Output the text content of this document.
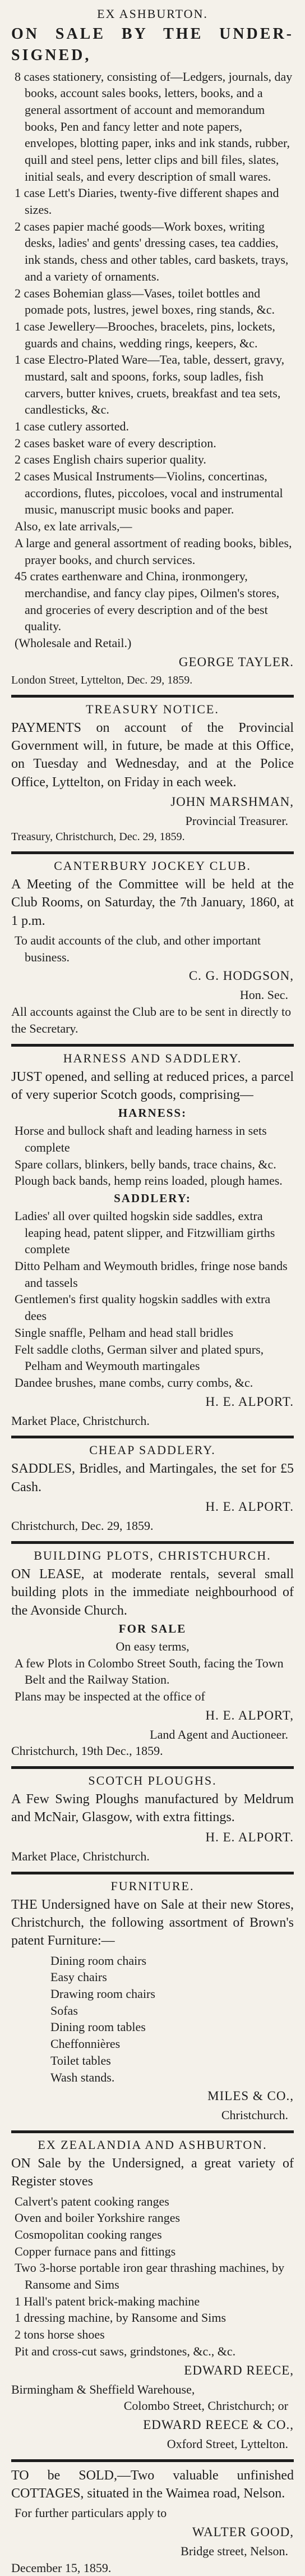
EX ASHBURTON.

ON SALE BY THE UNDER-SIGNED,

8 cases stationery, consisting of—Ledgers, journals, day books, account sales books, letters, books, and a general assortment of account and memorandum books, Pen and fancy letter and note papers, envelopes, blotting paper, inks and ink stands, rubber, quill and steel pens, letter clips and bill files, slates, initial seals, and every description of small wares.

1 case Lett's Diaries, twenty-five different shapes and sizes.

2 cases papier maché goods—Work boxes, writing desks, ladies' and gents' dressing cases, tea caddies, ink stands, chess and other tables, card baskets, trays, and a variety of ornaments.

2 cases Bohemian glass—Vases, toilet bottles and pomade pots, lustres, jewel boxes, ring stands, &c.

1 case Jewellery—Brooches, bracelets, pins, lockets, guards and chains, wedding rings, keepers, &c.

1 case Electro-Plated Ware—Tea, table, dessert, gravy, mustard, salt and spoons, forks, soup ladles, fish carvers, butter knives, cruets, breakfast and tea sets, candlesticks, &c.

1 case cutlery assorted.

2 cases basket ware of every description.

2 cases English chairs superior quality.

2 cases Musical Instruments—Violins, concertinas, accordions, flutes, piccoloes, vocal and instrumental music, manuscript music books and paper.

Also, ex late arrivals,—

A large and general assortment of reading books, bibles, prayer books, and church services.

45 crates earthenware and China, ironmongery, merchandise, and fancy clay pipes, Oilmen's stores, and groceries of every description and of the best quality.

(Wholesale and Retail.)

GEORGE TAYLER.

London Street, Lyttelton, Dec. 29, 1859.

TREASURY NOTICE.

PAYMENTS on account of the Provincial Government will, in future, be made at this Office, on Tuesday and Wednesday, and at the Police Office, Lyttelton, on Friday in each week.

JOHN MARSHMAN,
Provincial Treasurer.

Treasury, Christchurch, Dec. 29, 1859.

CANTERBURY JOCKEY CLUB.

A Meeting of the Committee will be held at the Club Rooms, on Saturday, the 7th January, 1860, at 1 p.m.

To audit accounts of the club, and other important business.

C. G. HODGSON,
Hon. Sec.

All accounts against the Club are to be sent in directly to the Secretary.

HARNESS AND SADDLERY.

JUST opened, and selling at reduced prices, a parcel of very superior Scotch goods, comprising—

HARNESS:

Horse and bullock shaft and leading harness in sets complete

Spare collars, blinkers, belly bands, trace chains, &c.

Plough back bands, hemp reins loaded, plough hames.

SADDLERY:

Ladies' all over quilted hogskin side saddles, extra leaping head, patent slipper, and Fitzwilliam girths complete

Ditto Pelham and Weymouth bridles, fringe nose bands and tassels

Gentlemen's first quality hogskin saddles with extra dees

Single snaffle, Pelham and head stall bridles

Felt saddle cloths, German silver and plated spurs, Pelham and Weymouth martingales

Dandee brushes, mane combs, curry combs, &c.

H. E. ALPORT.

Market Place, Christchurch.

CHEAP SADDLERY.

SADDLES, Bridles, and Martingales, the set for £5 Cash.

H. E. ALPORT.

Christchurch, Dec. 29, 1859.

BUILDING PLOTS, CHRISTCHURCH.

ON LEASE, at moderate rentals, several small building plots in the immediate neighbourhood of the Avonside Church.

FOR SALE
On easy terms,

A few Plots in Colombo Street South, facing the Town Belt and the Railway Station.

Plans may be inspected at the office of

H. E. ALPORT,
Land Agent and Auctioneer.

Christchurch, 19th Dec., 1859.

SCOTCH PLOUGHS.

A Few Swing Ploughs manufactured by Meldrum and McNair, Glasgow, with extra fittings.

H. E. ALPORT.

Market Place, Christchurch.

FURNITURE.

THE Undersigned have on Sale at their new Stores, Christchurch, the following assortment of Brown's patent Furniture:—

Dining room chairs

Easy chairs

Drawing room chairs

Sofas

Dining room tables

Cheffonnières

Toilet tables

Wash stands.

MILES & CO.,
Christchurch.
EX ZEALANDIA AND ASHBURTON.

ON Sale by the Undersigned, a great variety of Register stoves

Calvert's patent cooking ranges

Oven and boiler Yorkshire ranges

Cosmopolitan cooking ranges

Copper furnace pans and fittings

Two 3-horse portable iron gear thrashing machines, by Ransome and Sims

1 Hall's patent brick-making machine

1 dressing machine, by Ransome and Sims

2 tons horse shoes

Pit and cross-cut saws, grindstones, &c., &c.

EDWARD REECE,

Birmingham & Sheffield Warehouse,

Colombo Street, Christchurch; or

EDWARD REECE & CO.,

Oxford Street, Lyttelton.

TO be SOLD,—Two valuable unfinished COTTAGES, situated in the Waimea road, Nelson.

For further particulars apply to

WALTER GOOD,
Bridge street, Nelson.

December 15, 1859.
